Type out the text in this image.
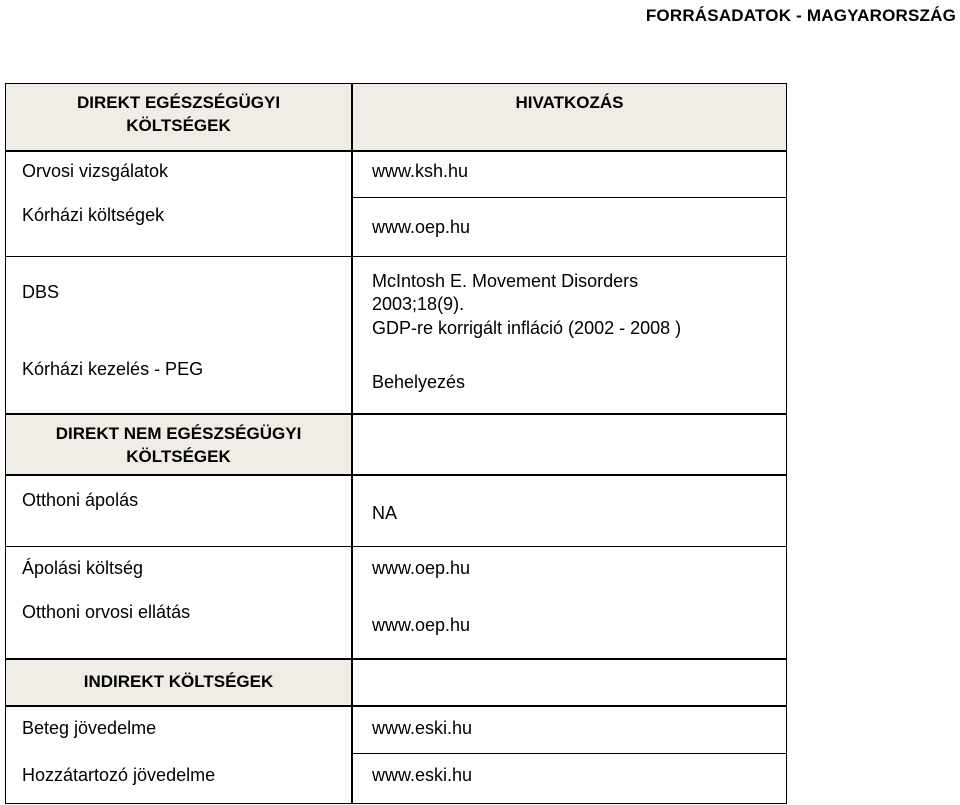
FORRÁSADATOK - MAGYARORSZÁG
DIREKT EGÉSZSÉGÜGYI
KÖLTSÉGEK
Orvosi vizsgálatok
Kórházi költségek
DBS
Kórházi kezelés - PEG
DIREKT NEM EGÉSZSÉGÜGYI
KÖLTSÉGEK
Otthoni ápolás
Ápolási költség
Otthoni orvosi ellátás
INDIREKT KÖLTSÉGEK
Beteg jövedelme
Hozzátartozó jövedelme
HIVATKOZÁS
www.ksh.hu
www.oep.hu
McIntosh E. Movement Disorders
2003;18(9).
GDP-re korrigált infláció (2002 - 2008 )
Behelyezés
NA
www.oep.hu
www.oep.hu
www.eski.hu
www.eski.hu
